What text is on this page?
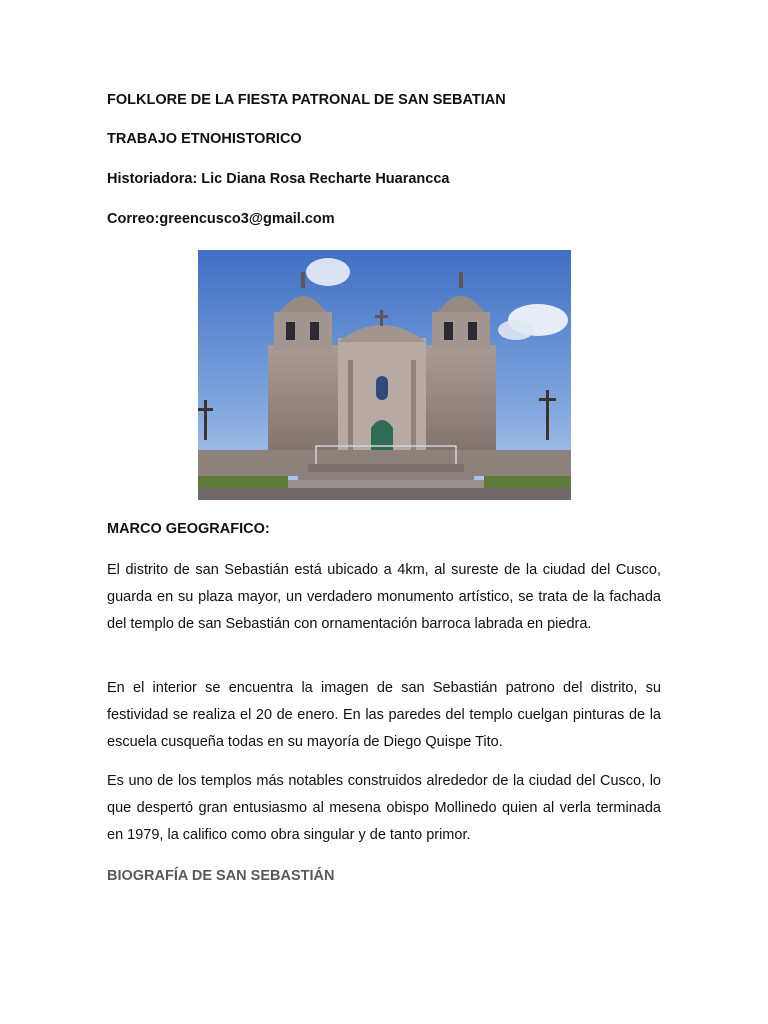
FOLKLORE DE LA FIESTA PATRONAL DE SAN SEBATIAN
TRABAJO ETNOHISTORICO
Historiadora: Lic Diana Rosa Recharte Huarancca
Correo:greencusco3@gmail.com
MARCO GEOGRAFICO:
El distrito de san Sebastián está ubicado a 4km, al sureste de la ciudad del Cusco, guarda en su plaza mayor, un verdadero monumento artístico, se trata de la fachada del templo de san Sebastián con ornamentación barroca labrada en piedra.
En el interior se encuentra la imagen de san Sebastián patrono del distrito, su festividad se realiza el 20 de enero. En las paredes del templo cuelgan pinturas de la escuela cusqueña todas en su mayoría de Diego Quispe Tito.
Es uno de los templos más notables construidos alrededor de la ciudad del Cusco, lo que despertó gran entusiasmo al mesena obispo Mollinedo quien al verla terminada en 1979, la califico como obra singular y de tanto primor.
BIOGRAFÍA DE SAN SEBASTIÁN
